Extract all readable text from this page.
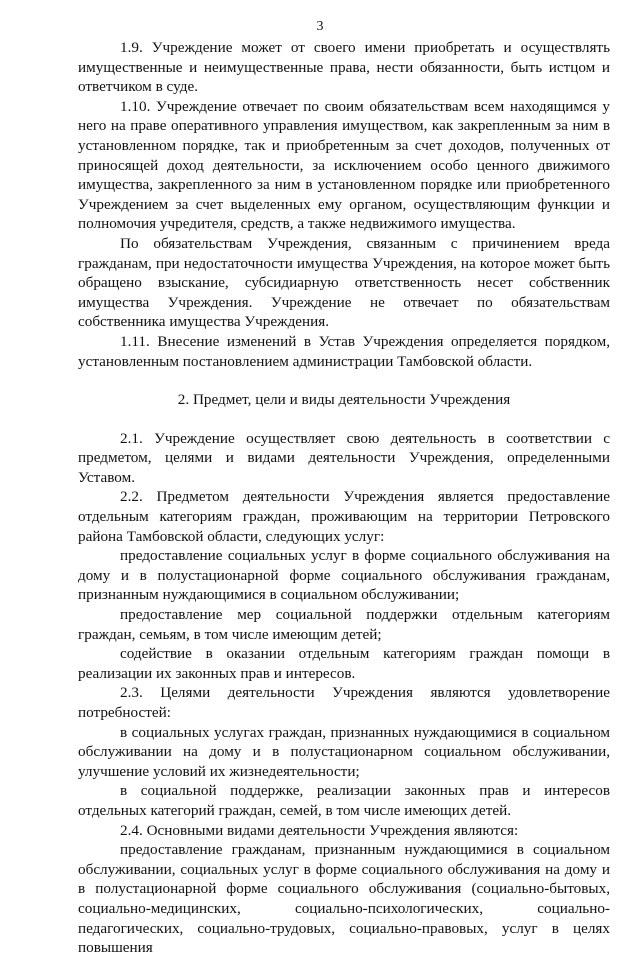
3

1.9. Учреждение может от своего имени приобретать и осуществлять имущественные и неимущественные права, нести обязанности, быть истцом и ответчиком в суде.

1.10. Учреждение отвечает по своим обязательствам всем находящимся у него на праве оперативного управления имуществом, как закрепленным за ним в установленном порядке, так и приобретенным за счет доходов, полученных от приносящей доход деятельности, за исключением особо ценного движимого имущества, закрепленного за ним в установленном порядке или приобретенного Учреждением за счет выделенных ему органом, осуществляющим функции и полномочия учредителя, средств, а также недвижимого имущества.

По обязательствам Учреждения, связанным с причинением вреда гражданам, при недостаточности имущества Учреждения, на которое может быть обращено взыскание, субсидиарную ответственность несет собственник имущества Учреждения. Учреждение не отвечает по обязательствам собственника имущества Учреждения.

1.11. Внесение изменений в Устав Учреждения определяется порядком, установленным постановлением администрации Тамбовской области.

2. Предмет, цели и виды деятельности Учреждения

2.1. Учреждение осуществляет свою деятельность в соответствии с предметом, целями и видами деятельности Учреждения, определенными Уставом.

2.2. Предметом деятельности Учреждения является предоставление отдельным категориям граждан, проживающим на территории Петровского района Тамбовской области, следующих услуг:

предоставление социальных услуг в форме социального обслуживания на дому и в полустационарной форме социального обслуживания гражданам, признанным нуждающимися в социальном обслуживании;

предоставление мер социальной поддержки отдельным категориям граждан, семьям, в том числе имеющим детей;

содействие в оказании отдельным категориям граждан помощи в реализации их законных прав и интересов.

2.3. Целями деятельности Учреждения являются удовлетворение потребностей:

в социальных услугах граждан, признанных нуждающимися в социальном обслуживании на дому и в полустационарном социальном обслуживании, улучшение условий их жизнедеятельности;

в социальной поддержке, реализации законных прав и интересов отдельных категорий граждан, семей, в том числе имеющих детей.

2.4. Основными видами деятельности Учреждения являются:

предоставление гражданам, признанным нуждающимися в социальном обслуживании, социальных услуг в форме социального обслуживания на дому и в полустационарной форме социального обслуживания (социально-бытовых, социально-медицинских, социально-психологических, социально-педагогических, социально-трудовых, социально-правовых, услуг в целях повышения
